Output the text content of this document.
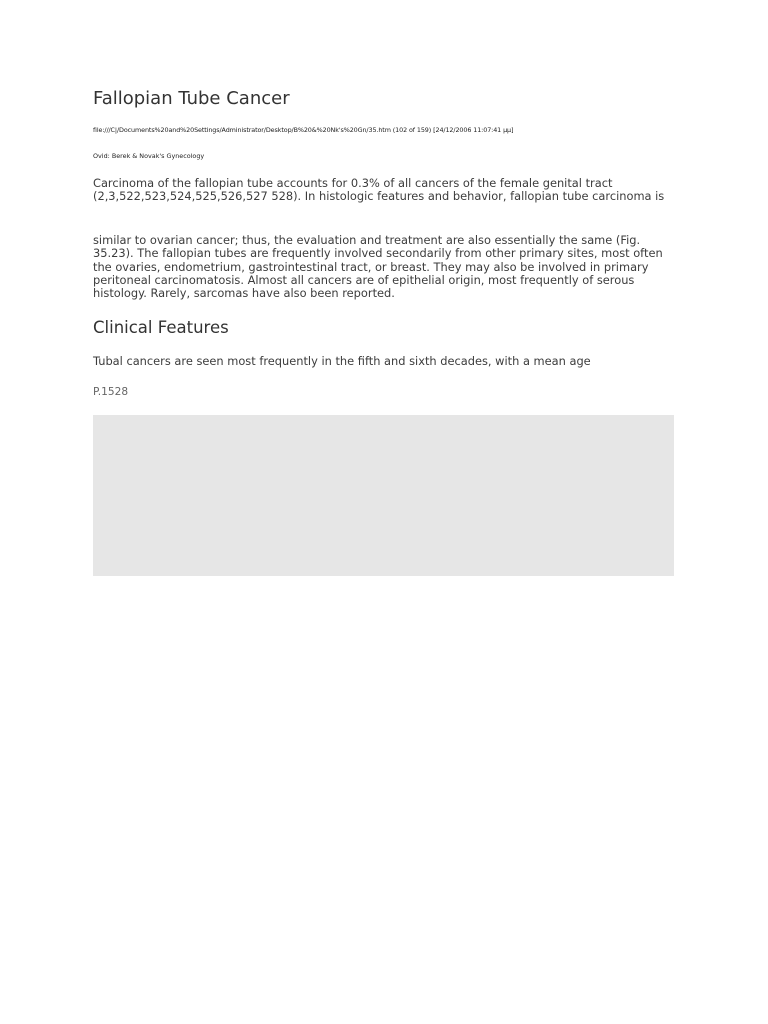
Fallopian Tube Cancer
file:///C|/Documents%20and%20Settings/Administrator/Desktop/B%20&%20Nk's%20Gn/35.htm (102 of 159) [24/12/2006 11:07:41 μμ]
Ovid: Berek & Novak's Gynecology

Carcinoma of the fallopian tube accounts for 0.3% of all cancers of the female genital tract (2,3,522,523,524,525,526,527 528). In histologic features and behavior, fallopian tube carcinoma is

similar to ovarian cancer; thus, the evaluation and treatment are also essentially the same (Fig. 35.23). The fallopian tubes are frequently involved secondarily from other primary sites, most often the ovaries, endometrium, gastrointestinal tract, or breast. They may also be involved in primary peritoneal carcinomatosis. Almost all cancers are of epithelial origin, most frequently of serous histology. Rarely, sarcomas have also been reported.

Clinical Features

Tubal cancers are seen most frequently in the fifth and sixth decades, with a mean age

P.1528
